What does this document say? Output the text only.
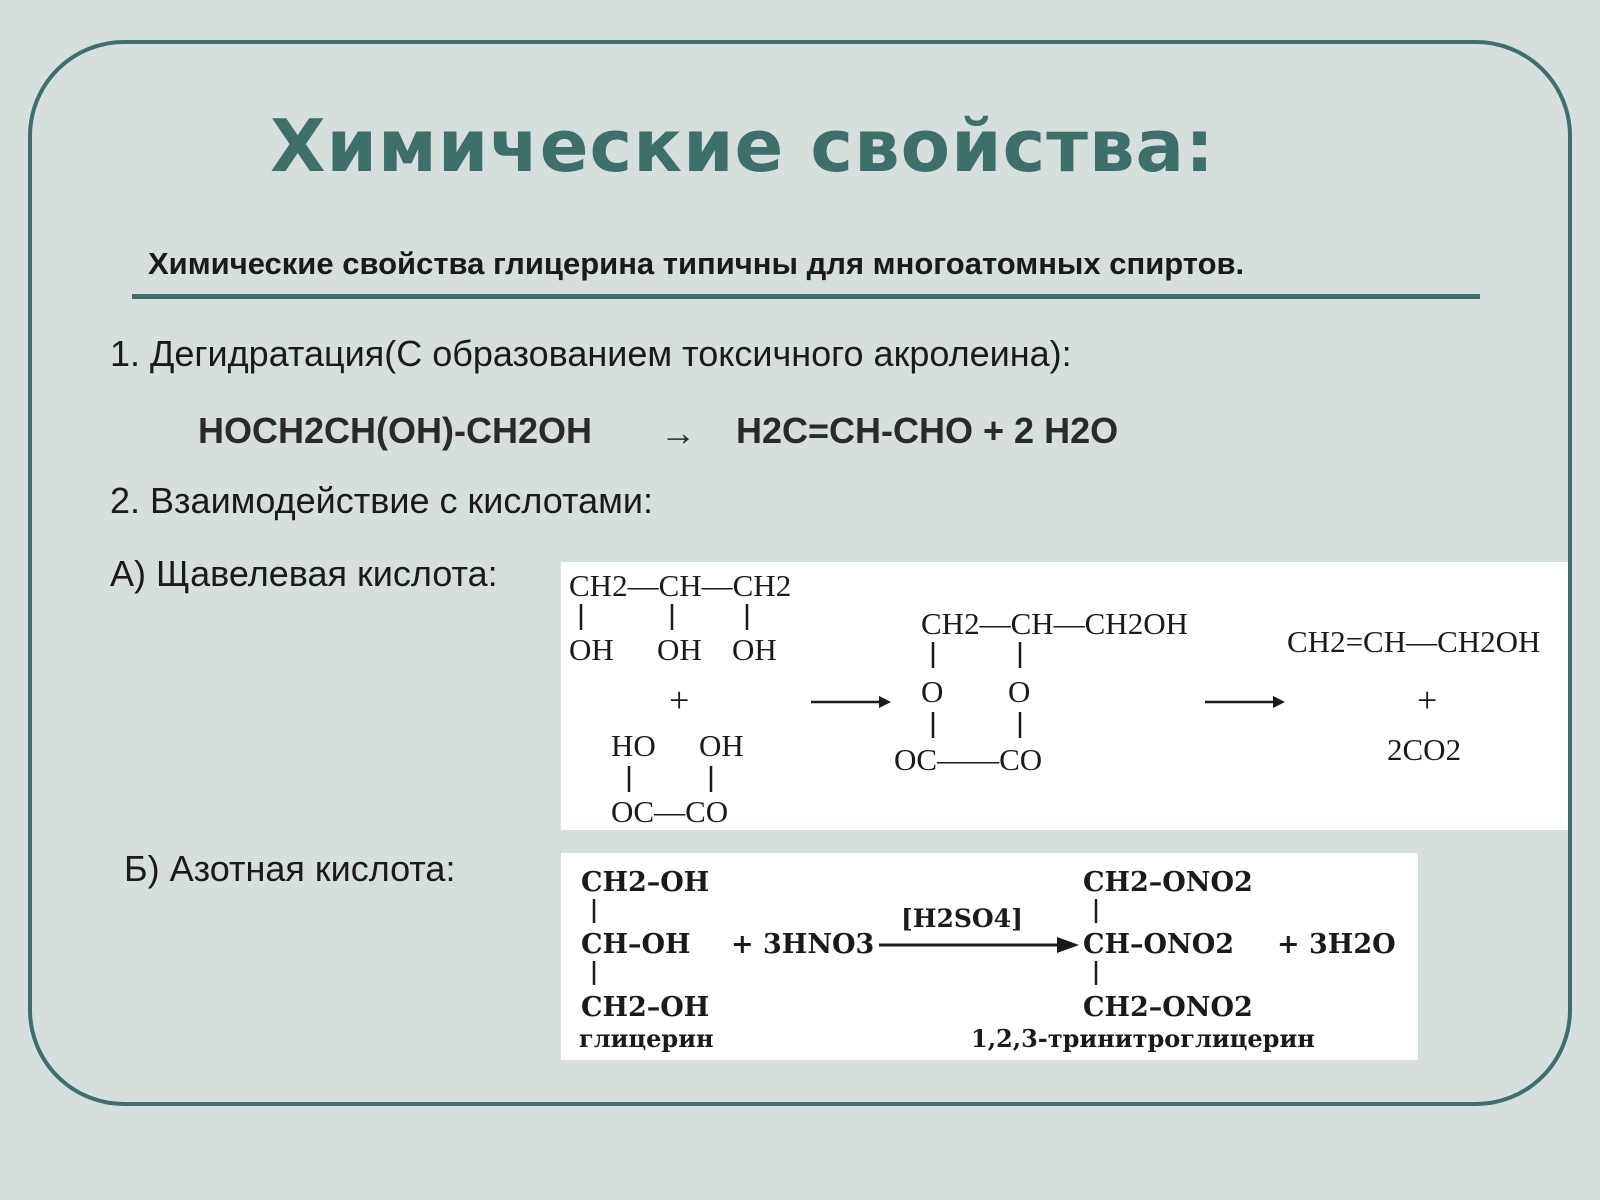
Химические свойства:
Химические свойства глицерина типичны для многоатомных спиртов.
1. Дегидратация(С образованием токсичного акролеина):
HOCH2CH(OH)-CH2OH → H2C=CH-CHO + 2 H2O
2. Взаимодействие с кислотами:
А) Щавелевая кислота:
Б) Азотная кислота:
CH2—CH—CH2
OH OH OH
+
HO OH
OC—CO
CH2—CH—CH2OH
O O
OC——CO
CH2=CH—CH2OH
+
2CO2
CH2–OH
CH–OH
CH2–OH
глицерин
+ 3HNO3
[H2SO4]
CH2–ONO2
CH–ONO2
CH2–ONO2
1,2,3-тринитроглицерин
+ 3H2O
